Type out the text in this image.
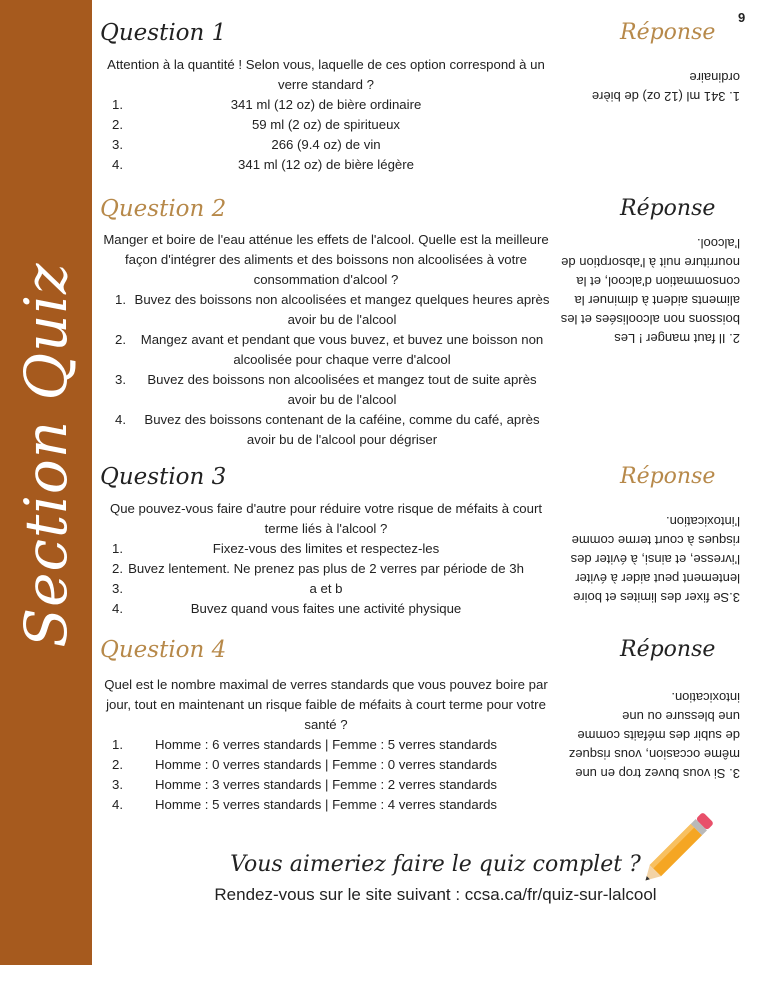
Section Quiz
9
Question 1	Réponse

Attention à la quantité ! Selon vous, laquelle de ces option correspond à un verre standard ?

1.	341 ml (12 oz) de bière ordinaire
2.	59 ml (2 oz) de spiritueux
3.	266 (9.4 oz) de vin
4.	341 ml (12 oz) de bière légère

1. 341 ml (12 oz) de bière ordinaire

Question 2	Réponse

Manger et boire de l'eau atténue les effets de l'alcool. Quelle est la meilleure façon d'intégrer des aliments et des boissons non alcoolisées à votre consommation d'alcool ?

1. Buvez des boissons non alcoolisées et mangez quelques heures après avoir bu de l'alcool
2.	Mangez avant et pendant que vous buvez, et buvez une boisson non alcoolisée pour chaque verre d'alcool
3.	Buvez des boissons non alcoolisées et mangez tout de suite après avoir bu de l'alcool
4.	Buvez des boissons contenant de la caféine, comme du café, après avoir bu de l'alcool pour dégriser

2. Il faut manger ! Les boissons non alcoolisées et les aliments aident à diminuer la consommation d'alcool, et la nourriture nuit à l'absorption de l'alcool.

Question 3	Réponse

Que pouvez-vous faire d'autre pour réduire votre risque de méfaits à court terme liés à l'alcool ?

1.	Fixez-vous des limites et respectez-les
2. Buvez lentement. Ne prenez pas plus de 2 verres par période de 3h
3.	a et b
4.	Buvez quand vous faites une activité physique

3.Se fixer des limites et boire lentement peut aider à éviter l'ivresse, et ainsi, à éviter des risques à court terme comme l'intoxication.

Question 4	Réponse

Quel est le nombre maximal de verres standards que vous pouvez boire par jour, tout en maintenant un risque faible de méfaits à court terme pour votre santé ?

1. Homme : 6 verres standards | Femme : 5 verres standards
2. Homme : 0 verres standards | Femme : 0 verres standards
3. Homme : 3 verres standards | Femme : 2 verres standards
4. Homme : 5 verres standards | Femme : 4 verres standards

3. Si vous buvez trop en une même occasion, vous risquez de subir des méfaits comme une blessure ou une intoxication.

Vous aimeriez faire le quiz complet ?
Rendez-vous sur le site suivant : ccsa.ca/fr/quiz-sur-lalcool
